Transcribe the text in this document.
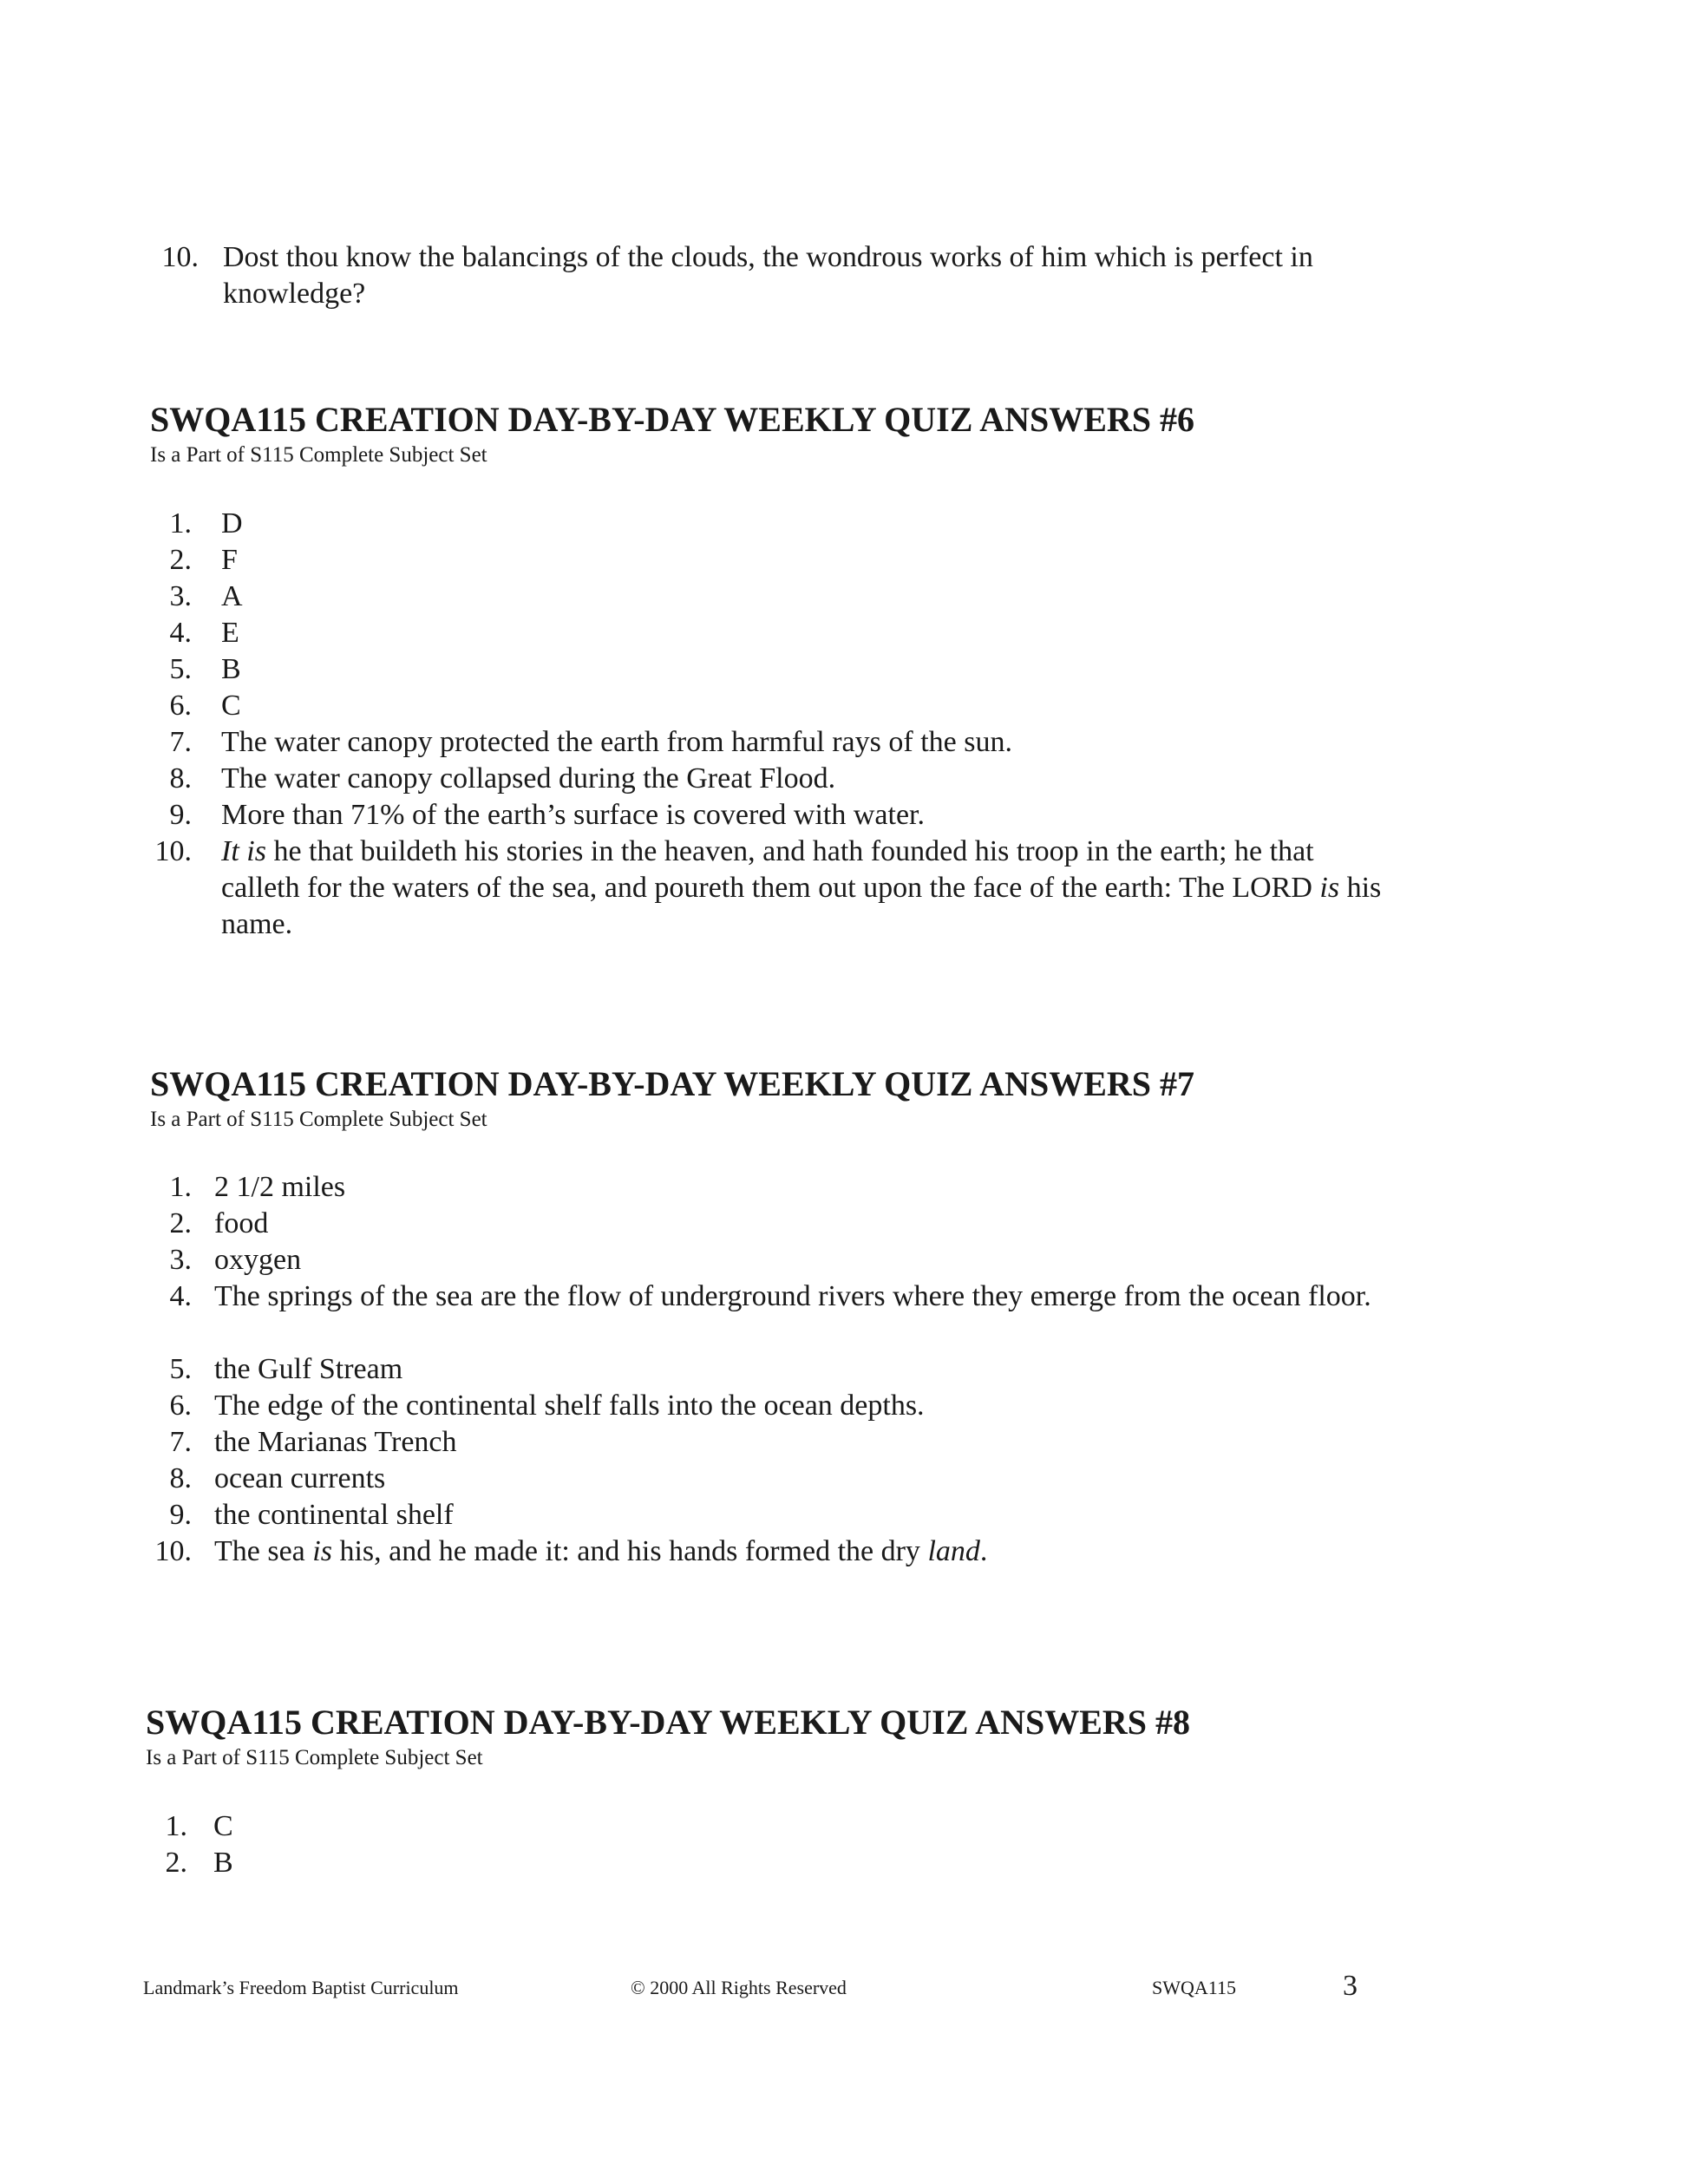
10. Dost thou know the balancings of the clouds, the wondrous works of him which is perfect in knowledge?
SWQA115 CREATION DAY-BY-DAY WEEKLY QUIZ ANSWERS #6
Is a Part of S115 Complete Subject Set
1. D
2. F
3. A
4. E
5. B
6. C
7. The water canopy protected the earth from harmful rays of the sun.
8. The water canopy collapsed during the Great Flood.
9. More than 71% of the earth’s surface is covered with water.
10. It is he that buildeth his stories in the heaven, and hath founded his troop in the earth; he that calleth for the waters of the sea, and poureth them out upon the face of the earth: The LORD is his name.
SWQA115 CREATION DAY-BY-DAY WEEKLY QUIZ ANSWERS #7
Is a Part of S115 Complete Subject Set
1. 2 1/2 miles
2. food
3. oxygen
4. The springs of the sea are the flow of underground rivers where they emerge from the ocean floor.
5. the Gulf Stream
6. The edge of the continental shelf falls into the ocean depths.
7. the Marianas Trench
8. ocean currents
9. the continental shelf
10. The sea is his, and he made it: and his hands formed the dry land.
SWQA115 CREATION DAY-BY-DAY WEEKLY QUIZ ANSWERS #8
Is a Part of S115 Complete Subject Set
1. C
2. B
Landmark’s Freedom Baptist Curriculum	© 2000 All Rights Reserved	SWQA115	3
